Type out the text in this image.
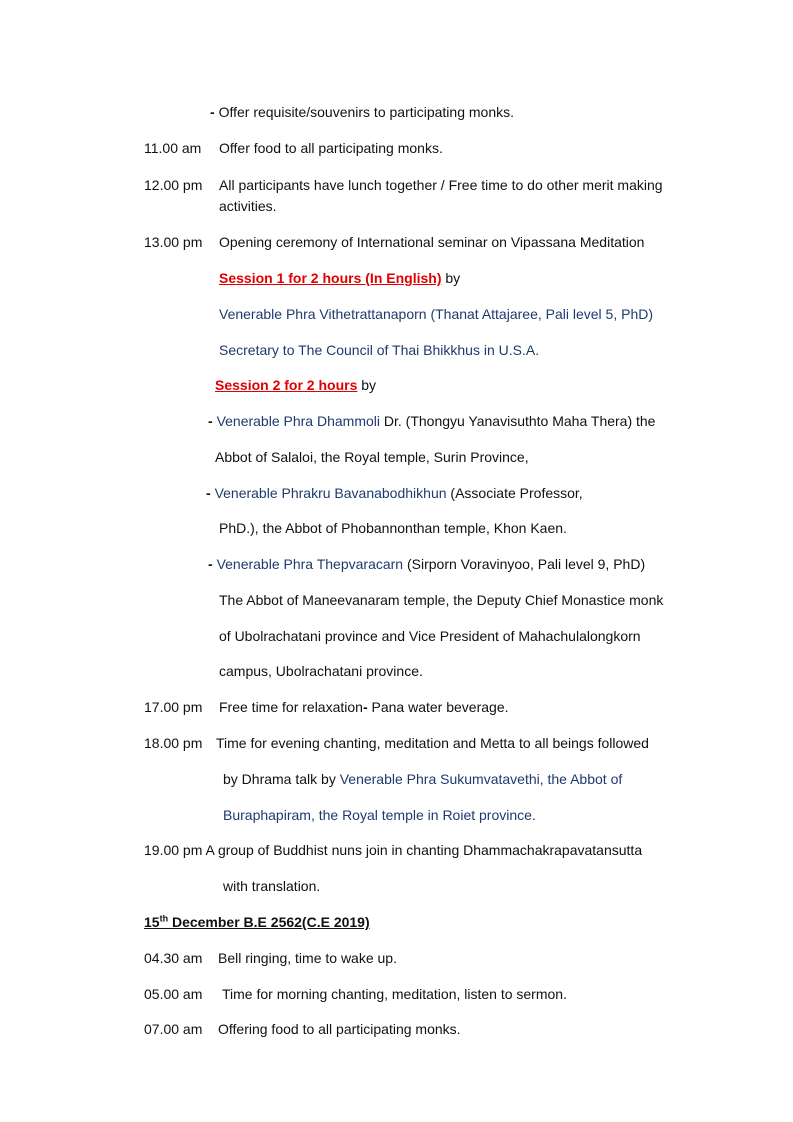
- Offer requisite/souvenirs to participating monks.
11.00 am Offer food to all participating monks.
12.00 pm All participants have lunch together / Free time to do other merit making
activities.
13.00 pm Opening ceremony of International seminar on Vipassana Meditation
Session 1 for 2 hours (In English) by
Venerable Phra Vithetrattanaporn (Thanat Attajaree, Pali level 5, PhD)
Secretary to The Council of Thai Bhikkhus in U.S.A.
Session 2 for 2 hours by
- Venerable Phra Dhammoli Dr. (Thongyu Yanavisuthto Maha Thera) the
Abbot of Salaloi, the Royal temple, Surin Province,
- Venerable Phrakru Bavanabodhikhun (Associate Professor,
PhD.), the Abbot of Phobannonthan temple, Khon Kaen.
- Venerable Phra Thepvaracarn (Sirporn Voravinyoo, Pali level 9, PhD)
The Abbot of Maneevanaram temple, the Deputy Chief Monastice monk
of Ubolrachatani province and Vice President of Mahachulalongkorn
campus, Ubolrachatani province.
17.00 pm Free time for relaxation- Pana water beverage.
18.00 pm Time for evening chanting, meditation and Metta to all beings followed
by Dhrama talk by Venerable Phra Sukumvatavethi, the Abbot of
Buraphapiram, the Royal temple in Roiet province.
19.00 pm A group of Buddhist nuns join in chanting Dhammachakrapavatansutta
with translation.
15th December B.E 2562(C.E 2019)
04.30 am Bell ringing, time to wake up.
05.00 am Time for morning chanting, meditation, listen to sermon.
07.00 am Offering food to all participating monks.
